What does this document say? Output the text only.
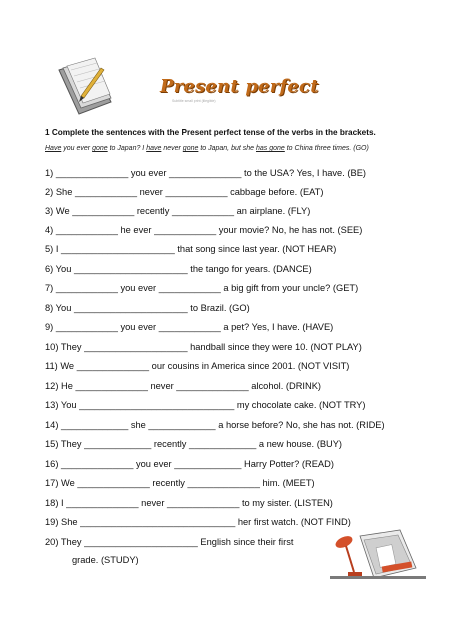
Present perfect
Subtitle small print (illegible)
1 Complete the sentences with the Present perfect tense of the verbs in the brackets.
Have you ever gone to Japan? I have never gone to Japan, but she has gone to China three times. (GO)
1) ______________ you ever ______________ to the USA? Yes, I have. (BE)
2) She ____________ never ____________ cabbage before. (EAT)
3) We ____________ recently ____________ an airplane. (FLY)
4) ____________ he ever ____________ your movie? No, he has not. (SEE)
5) I ______________________ that song since last year. (NOT HEAR)
6) You ______________________ the tango for years. (DANCE)
7) ____________ you ever ____________ a big gift from your uncle? (GET)
8) You ______________________ to Brazil. (GO)
9) ____________ you ever ____________ a pet? Yes, I have. (HAVE)
10) They ____________________ handball since they were 10. (NOT PLAY)
11) We ______________ our cousins in America since 2001. (NOT VISIT)
12) He ______________ never ______________ alcohol. (DRINK)
13) You ______________________________ my chocolate cake. (NOT TRY)
14) _____________ she _____________ a horse before? No, she has not. (RIDE)
15) They _____________ recently _____________ a new house. (BUY)
16) ______________ you ever _____________ Harry Potter? (READ)
17) We ______________ recently ______________ him. (MEET)
18) I ______________ never ______________ to my sister. (LISTEN)
19) She ______________________________ her first watch. (NOT FIND)
20) They ______________________ English since their first
grade. (STUDY)
